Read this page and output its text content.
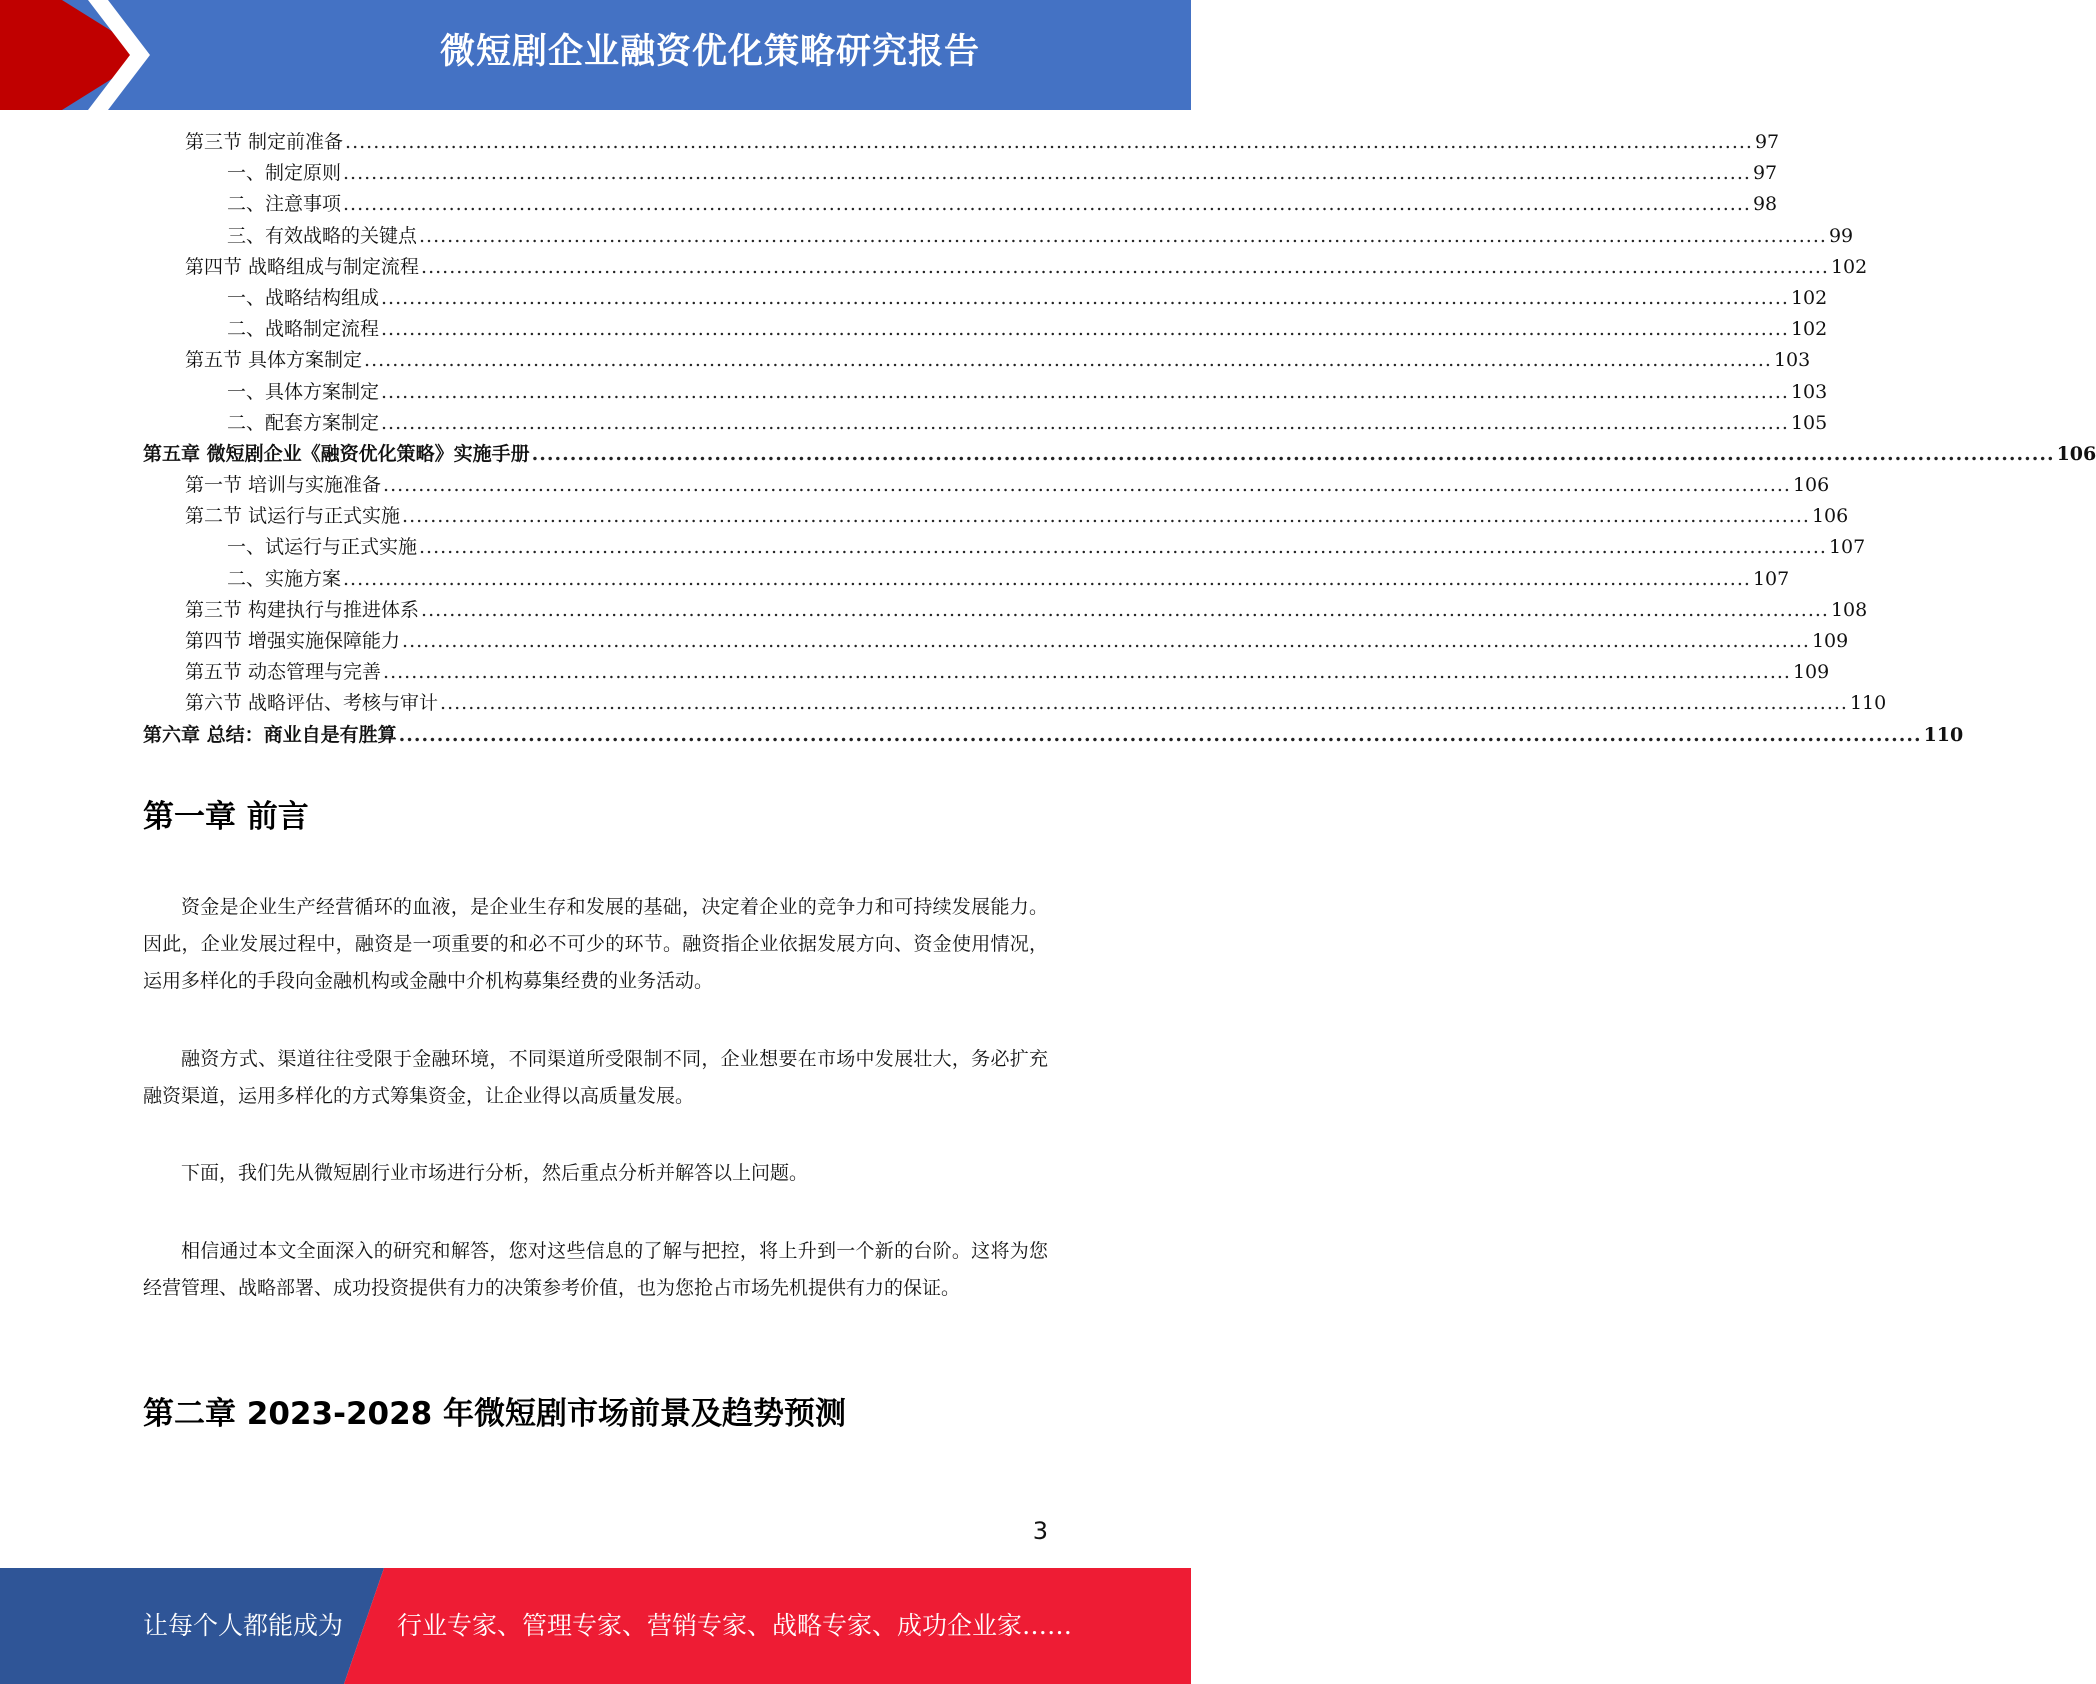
微短剧企业融资优化策略研究报告
第三节 制定前准备 ........................................................................................................................................................................................................ 97
一、制定原则 ........................................................................................................................................................................................................ 97
二、注意事项 ........................................................................................................................................................................................................ 98
三、有效战略的关键点 ........................................................................................................................................................................................................ 99
第四节 战略组成与制定流程 ........................................................................................................................................................................................................ 102
一、战略结构组成 ........................................................................................................................................................................................................ 102
二、战略制定流程 ........................................................................................................................................................................................................ 102
第五节 具体方案制定 ........................................................................................................................................................................................................ 103
一、具体方案制定 ........................................................................................................................................................................................................ 103
二、配套方案制定 ........................................................................................................................................................................................................ 105
第五章 微短剧企业《融资优化策略》实施手册 ........................................................................................................................................................................................................ 106
第一节 培训与实施准备 ........................................................................................................................................................................................................ 106
第二节 试运行与正式实施 ........................................................................................................................................................................................................ 106
一、试运行与正式实施 ........................................................................................................................................................................................................ 107
二、实施方案 ........................................................................................................................................................................................................ 107
第三节 构建执行与推进体系 ........................................................................................................................................................................................................ 108
第四节 增强实施保障能力 ........................................................................................................................................................................................................ 109
第五节 动态管理与完善 ........................................................................................................................................................................................................ 109
第六节 战略评估、考核与审计 ........................................................................................................................................................................................................ 110
第六章 总结：商业自是有胜算 ........................................................................................................................................................................................................ 110
第一章 前言

资金是企业生产经营循环的血液，是企业生存和发展的基础，决定着企业的竞争力和可持续发展能力。因此，企业发展过程中，融资是一项重要的和必不可少的环节。融资指企业依据发展方向、资金使用情况，运用多样化的手段向金融机构或金融中介机构募集经费的业务活动。

融资方式、渠道往往受限于金融环境，不同渠道所受限制不同，企业想要在市场中发展壮大，务必扩充融资渠道，运用多样化的方式筹集资金，让企业得以高质量发展。

下面，我们先从微短剧行业市场进行分析，然后重点分析并解答以上问题。

相信通过本文全面深入的研究和解答，您对这些信息的了解与把控，将上升到一个新的台阶。这将为您经营管理、战略部署、成功投资提供有力的决策参考价值，也为您抢占市场先机提供有力的保证。

第二章 2023-2028 年微短剧市场前景及趋势预测
3
让每个人都能成为 行业专家、管理专家、营销专家、战略专家、成功企业家……
